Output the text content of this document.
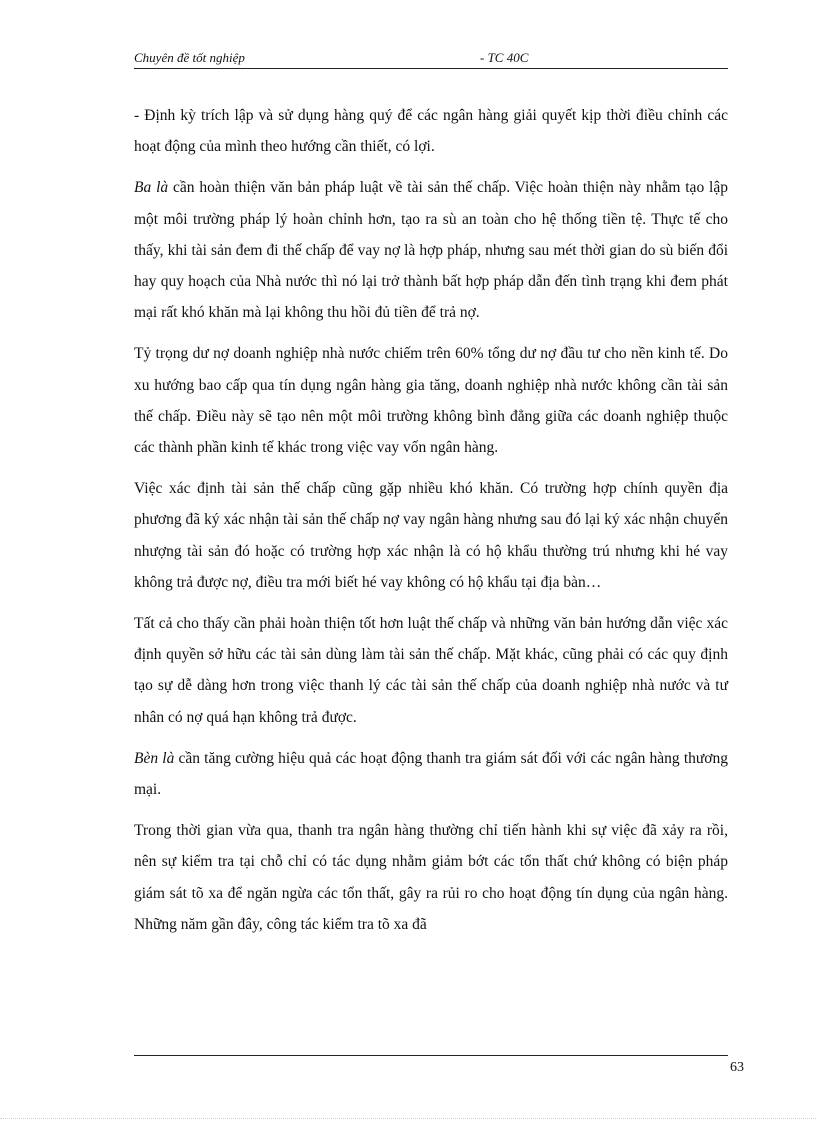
Chuyên đề tốt nghiệp	- TC 40C

- Định kỳ trích lập và sử dụng hàng quý để các ngân hàng giải quyết kịp thời điều chỉnh các hoạt động của mình theo hướng cần thiết, có lợi.

Ba là cần hoàn thiện văn bản pháp luật về tài sản thế chấp. Việc hoàn thiện này nhằm tạo lập một môi trường pháp lý hoàn chỉnh hơn, tạo ra sù an toàn cho hệ thống tiền tệ. Thực tế cho thấy, khi tài sản đem đi thế chấp để vay nợ là hợp pháp, nhưng sau mét thời gian do sù biến đổi hay quy hoạch của Nhà nước thì nó lại trở thành bất hợp pháp dẫn đến tình trạng khi đem phát mại rất khó khăn mà lại không thu hồi đủ tiền để trả nợ.

Tỷ trọng dư nợ doanh nghiệp nhà nước chiếm trên 60% tổng dư nợ đầu tư cho nền kinh tế. Do xu hướng bao cấp qua tín dụng ngân hàng gia tăng, doanh nghiệp nhà nước không cần tài sản thế chấp. Điều này sẽ tạo nên một môi trường không bình đẳng giữa các doanh nghiệp thuộc các thành phần kinh tế khác trong việc vay vốn ngân hàng.

Việc xác định tài sản thế chấp cũng gặp nhiều khó khăn. Có trường hợp chính quyền địa phương đã ký xác nhận tài sản thế chấp nợ vay ngân hàng nhưng sau đó lại ký xác nhận chuyển nhượng tài sản đó hoặc có trường hợp xác nhận là có hộ khẩu thường trú nhưng khi hé vay không trả được nợ, điều tra mới biết hé vay không có hộ khẩu tại địa bàn…

Tất cả cho thấy cần phải hoàn thiện tốt hơn luật thế chấp và những văn bản hướng dẫn việc xác định quyền sở hữu các tài sản dùng làm tài sản thế chấp. Mặt khác, cũng phải có các quy định tạo sự dễ dàng hơn trong việc thanh lý các tài sản thế chấp của doanh nghiệp nhà nước và tư nhân có nợ quá hạn không trả được.

Bèn là cần tăng cường hiệu quả các hoạt động thanh tra giám sát đối với các ngân hàng thương mại.

Trong thời gian vừa qua, thanh tra ngân hàng thường chỉ tiến hành khi sự việc đã xảy ra rồi, nên sự kiểm tra tại chỗ chỉ có tác dụng nhằm giảm bớt các tổn thất chứ không có biện pháp giám sát tõ xa để ngăn ngừa các tổn thất, gây ra rủi ro cho hoạt động tín dụng của ngân hàng. Những năm gần đây, công tác kiểm tra tõ xa đã

63
